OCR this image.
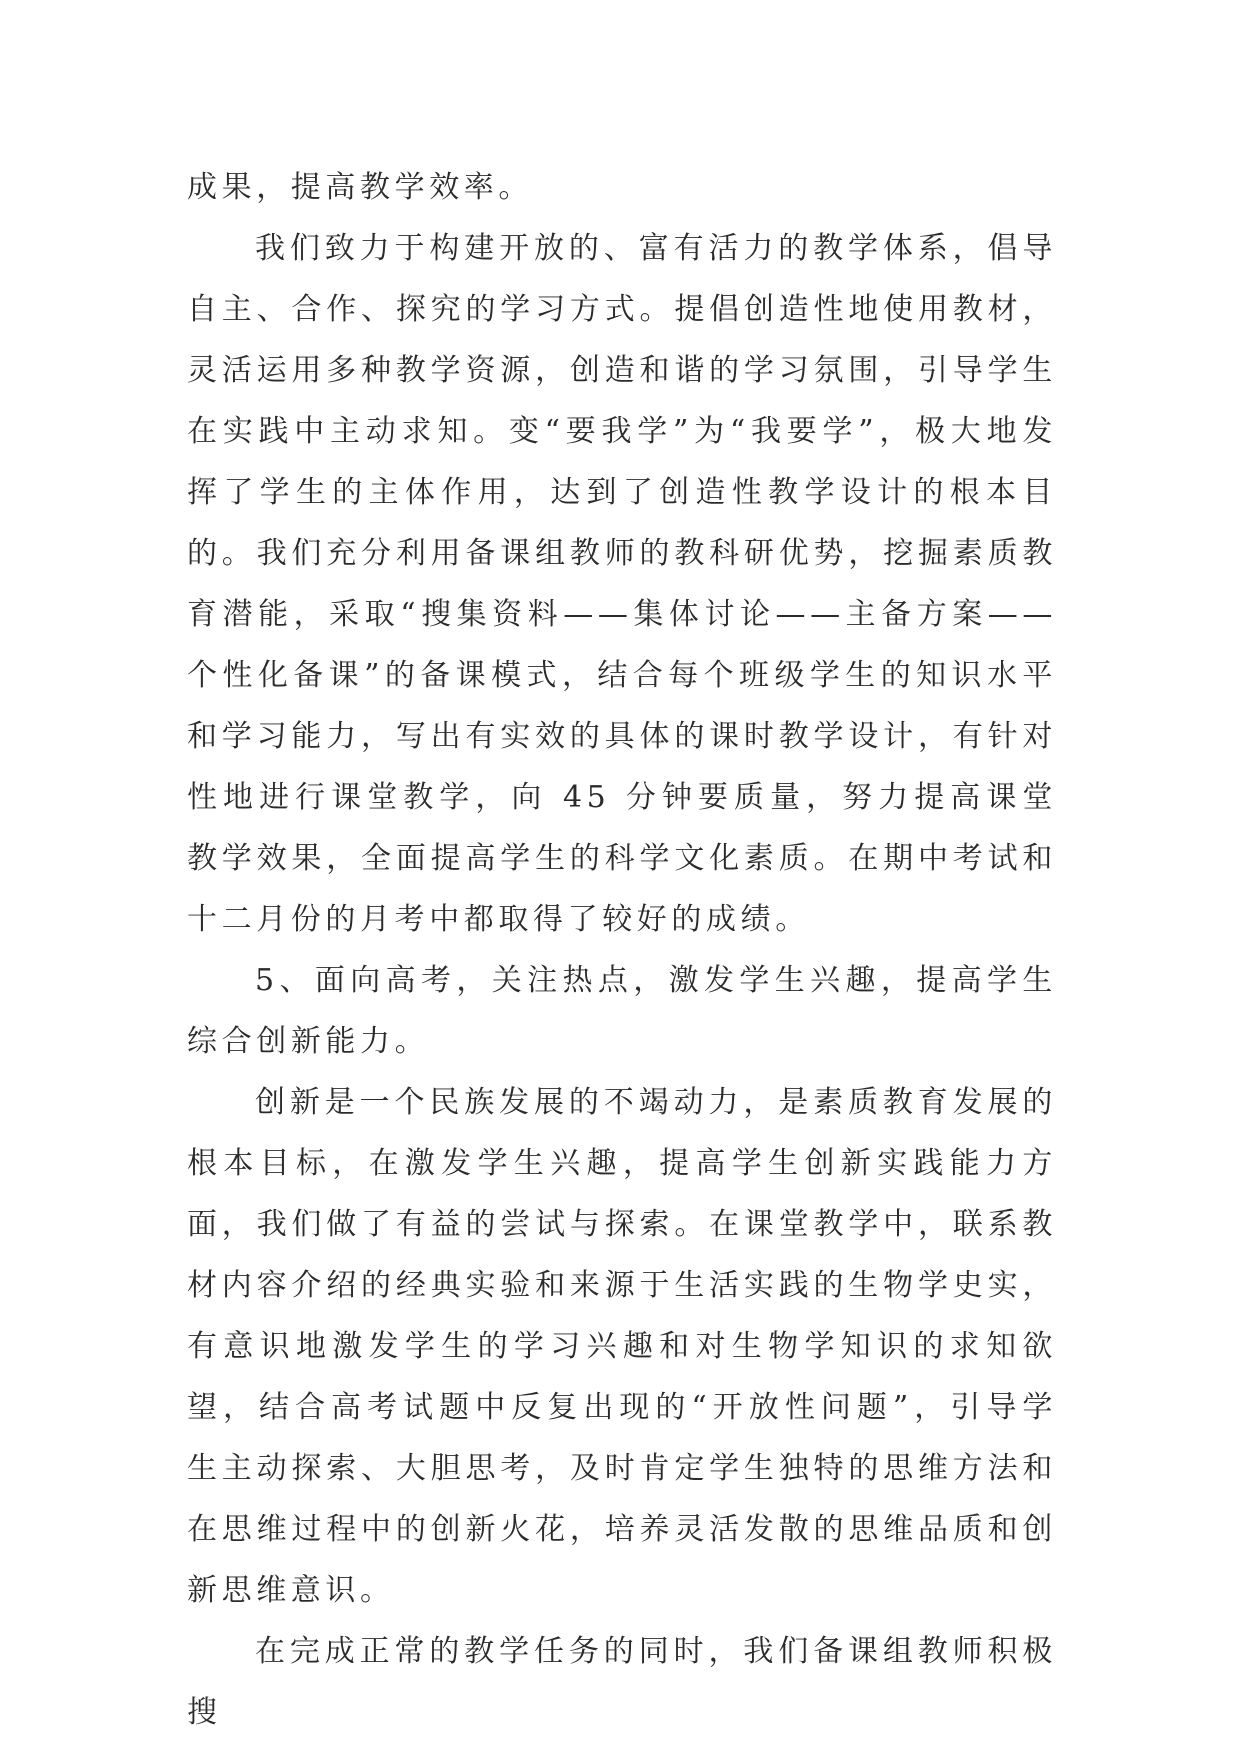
成果，提高教学效率。

我们致力于构建开放的、富有活力的教学体系，倡导自主、合作、探究的学习方式。提倡创造性地使用教材，灵活运用多种教学资源，创造和谐的学习氛围，引导学生在实践中主动求知。变“要我学”为“我要学”，极大地发挥了学生的主体作用，达到了创造性教学设计的根本目的。我们充分利用备课组教师的教科研优势，挖掘素质教育潜能，采取“搜集资料——集体讨论——主备方案——个性化备课”的备课模式，结合每个班级学生的知识水平和学习能力，写出有实效的具体的课时教学设计，有针对性地进行课堂教学，向 45 分钟要质量，努力提高课堂教学效果，全面提高学生的科学文化素质。在期中考试和十二月份的月考中都取得了较好的成绩。

5、面向高考，关注热点，激发学生兴趣，提高学生综合创新能力。

创新是一个民族发展的不竭动力，是素质教育发展的根本目标，在激发学生兴趣，提高学生创新实践能力方面，我们做了有益的尝试与探索。在课堂教学中，联系教材内容介绍的经典实验和来源于生活实践的生物学史实，有意识地激发学生的学习兴趣和对生物学知识的求知欲望，结合高考试题中反复出现的“开放性问题”，引导学生主动探索、大胆思考，及时肯定学生独特的思维方法和在思维过程中的创新火花，培养灵活发散的思维品质和创新思维意识。

在完成正常的教学任务的同时，我们备课组教师积极搜
